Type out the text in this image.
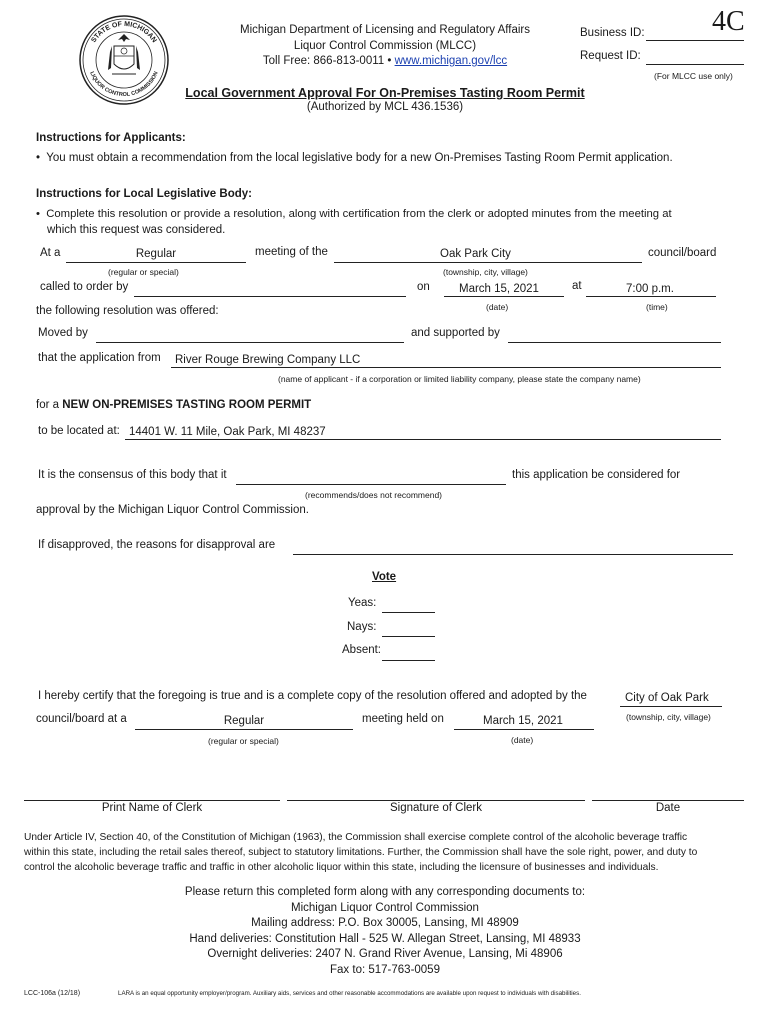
STATE OF MICHIGAN
LIQUOR CONTROL COMMISSION
Michigan Department of Licensing and Regulatory Affairs
Liquor Control Commission (MLCC)
Toll Free: 866-813-0011 • www.michigan.gov/lcc
4C
Business ID:
Request ID:
(For MLCC use only)
Local Government Approval For On-Premises Tasting Room Permit
(Authorized by MCL 436.1536)
Instructions for Applicants:
•  You must obtain a recommendation from the local legislative body for a new On-Premises Tasting Room Permit application.
Instructions for Local Legislative Body:
•  Complete this resolution or provide a resolution, along with certification from the clerk or adopted minutes from the meeting at
which this request was considered.
At a	Regular	meeting of the	Oak Park City	council/board
(regular or special)	(township, city, village)
called to order by	on	March 15, 2021	at	7:00 p.m.
(date)	(time)
the following resolution was offered:
Moved by	and supported by
that the application from River Rouge Brewing Company LLC
(name of applicant - if a corporation or limited liability company, please state the company name)
for a NEW ON-PREMISES TASTING ROOM PERMIT
to be located at: 14401 W. 11 Mile, Oak Park, MI 48237
It is the consensus of this body that it	this application be considered for
(recommends/does not recommend)
approval by the Michigan Liquor Control Commission.
If disapproved, the reasons for disapproval are
Vote
Yeas:
Nays:
Absent:
I hereby certify that the foregoing is true and is a complete copy of the resolution offered and adopted by the	City of Oak Park
(township, city, village)
council/board at a	Regular	meeting held on	March 15, 2021
(regular or special)	(date)
Print Name of Clerk	Signature of Clerk	Date
Under Article IV, Section 40, of the Constitution of Michigan (1963), the Commission shall exercise complete control of the alcoholic beverage traffic
within this state, including the retail sales thereof, subject to statutory limitations. Further, the Commission shall have the sole right, power, and duty to
control the alcoholic beverage traffic and traffic in other alcoholic liquor within this state, including the licensure of businesses and individuals.
Please return this completed form along with any corresponding documents to:
Michigan Liquor Control Commission
Mailing address: P.O. Box 30005, Lansing, MI 48909
Hand deliveries: Constitution Hall - 525 W. Allegan Street, Lansing, MI 48933
Overnight deliveries: 2407 N. Grand River Avenue, Lansing, Mi 48906
Fax to: 517-763-0059
LCC-106a (12/18)	LARA is an equal opportunity employer/program. Auxiliary aids, services and other reasonable accommodations are available upon request to individuals with disabilities.
